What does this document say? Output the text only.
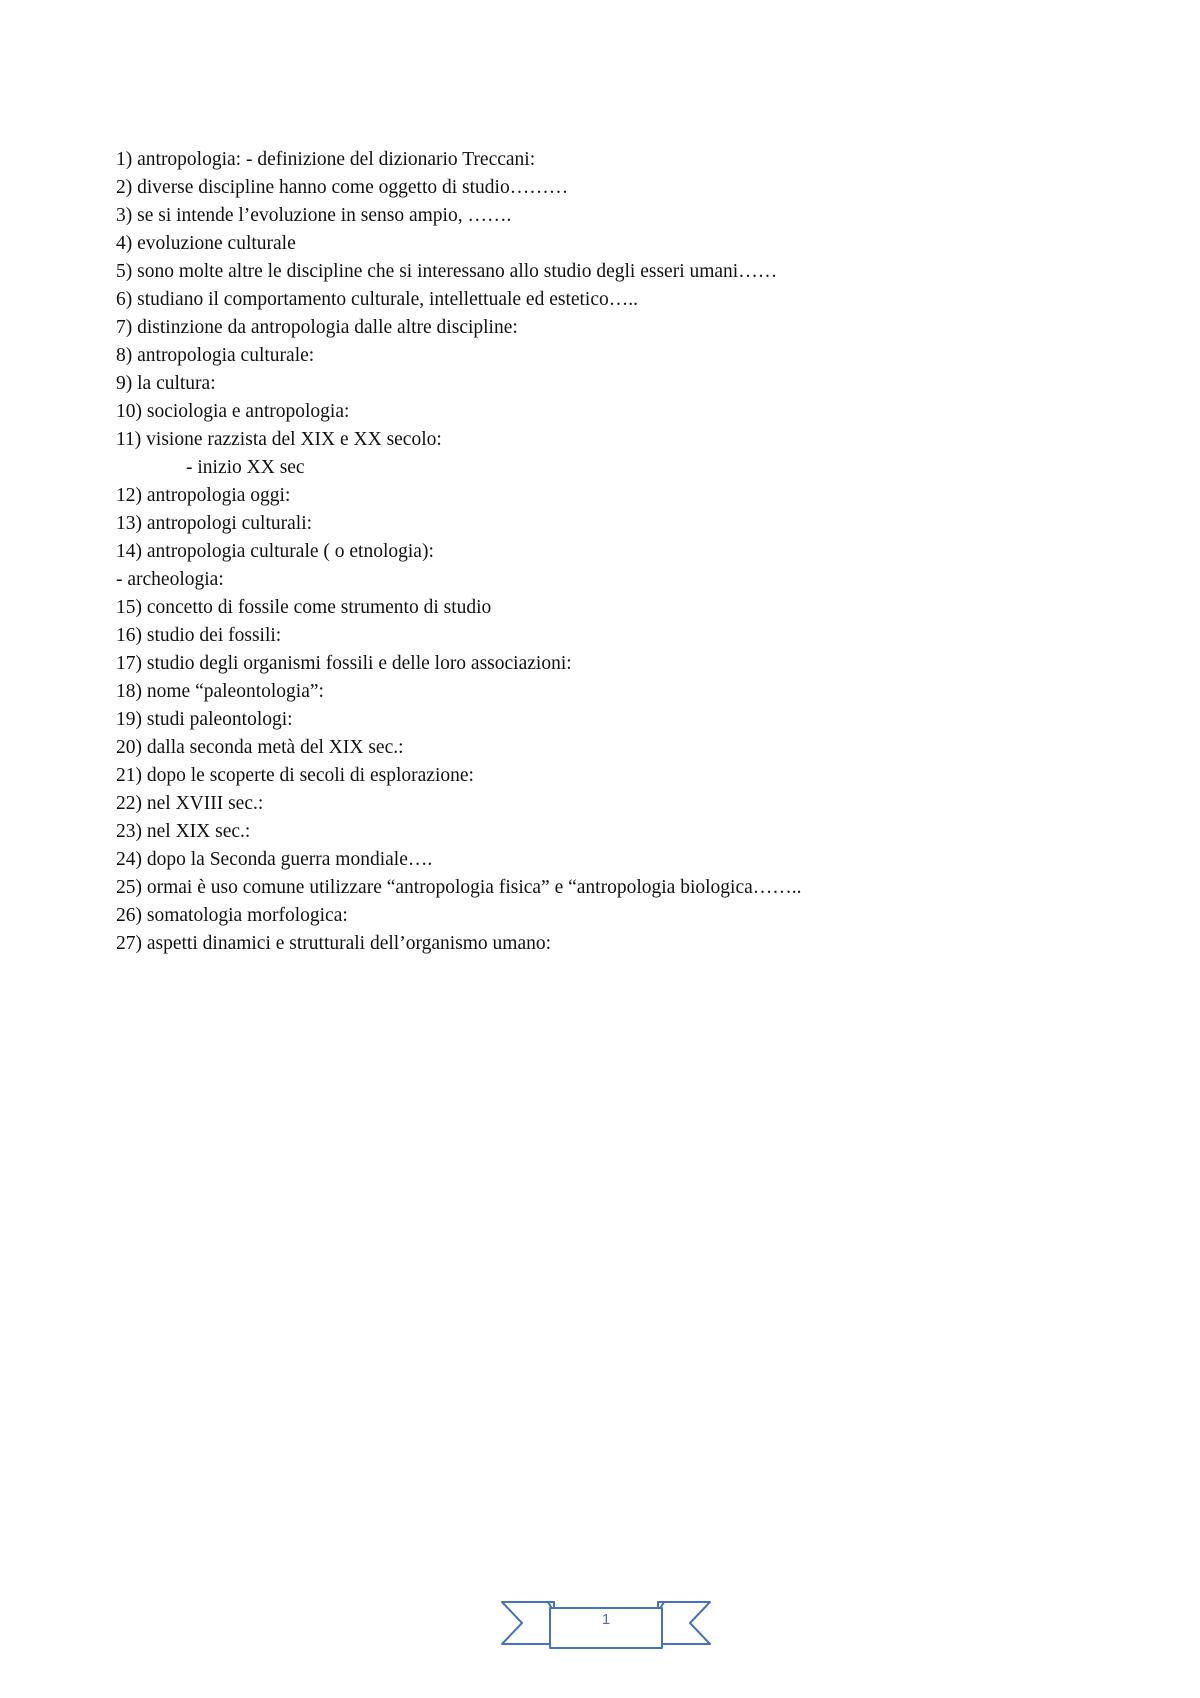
1) antropologia: - definizione del dizionario Treccani:
2) diverse discipline hanno come oggetto di studio………
3) se si intende l’evoluzione in senso ampio, …….
4) evoluzione culturale
5) sono molte altre le discipline che si interessano allo studio degli esseri umani……
6) studiano il comportamento culturale, intellettuale ed estetico…..
7) distinzione da antropologia dalle altre discipline:
8) antropologia culturale:
9) la cultura:
10) sociologia e antropologia:
11) visione razzista del XIX e XX secolo:
- inizio XX sec
12) antropologia oggi:
13) antropologi culturali:
14) antropologia culturale ( o etnologia):
- archeologia:
15) concetto di fossile come strumento di studio
16) studio dei fossili:
17) studio degli organismi fossili e delle loro associazioni:
18) nome “paleontologia”:
19) studi paleontologi:
20) dalla seconda metà del XIX sec.:
21) dopo le scoperte di secoli di esplorazione:
22) nel XVIII sec.:
23) nel XIX sec.:
24) dopo la Seconda guerra mondiale….
25) ormai è uso comune utilizzare “antropologia fisica” e “antropologia biologica……..
26) somatologia morfologica:
27) aspetti dinamici e strutturali dell’organismo umano:
1
